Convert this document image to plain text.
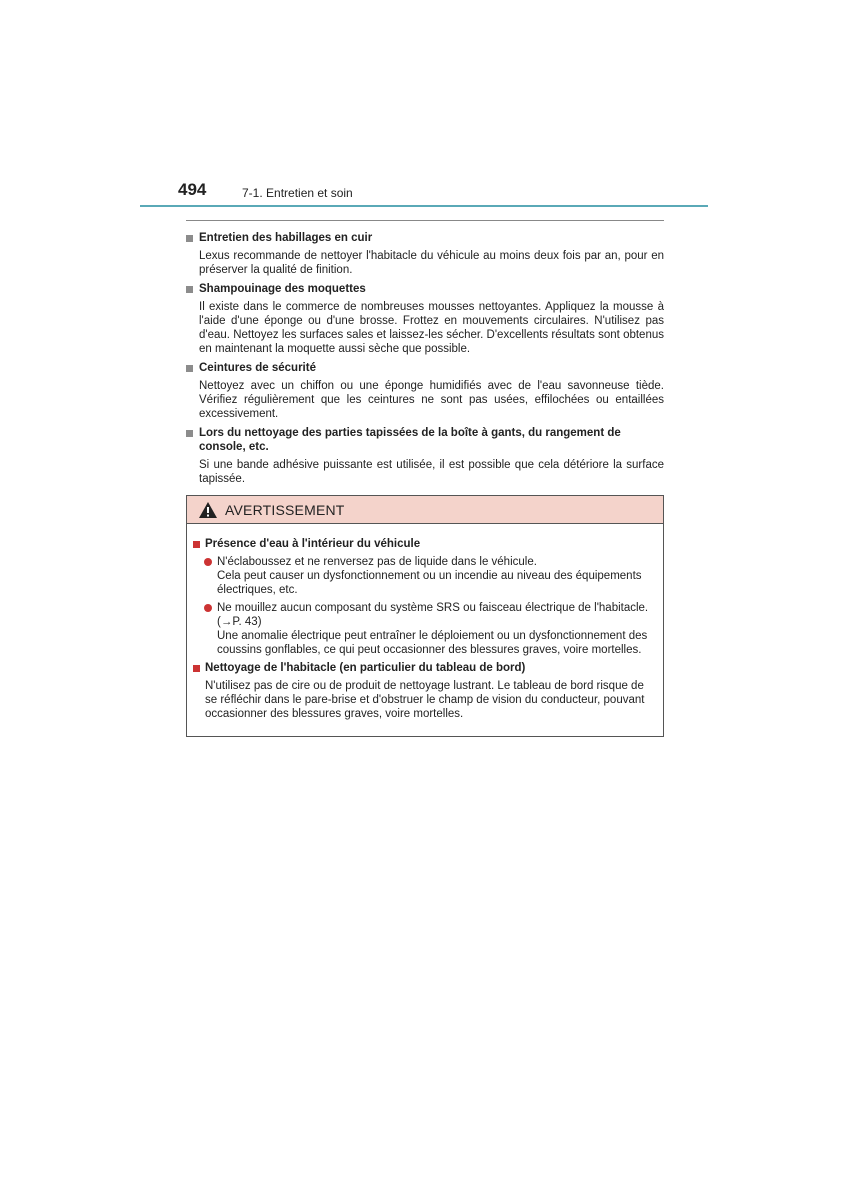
494	7-1. Entretien et soin
Entretien des habillages en cuir
Lexus recommande de nettoyer l'habitacle du véhicule au moins deux fois par an, pour en préserver la qualité de finition.
Shampouinage des moquettes
Il existe dans le commerce de nombreuses mousses nettoyantes. Appliquez la mousse à l'aide d'une éponge ou d'une brosse. Frottez en mouvements circulaires. N'utilisez pas d'eau. Nettoyez les surfaces sales et laissez-les sécher. D'excellents résultats sont obtenus en maintenant la moquette aussi sèche que possible.
Ceintures de sécurité
Nettoyez avec un chiffon ou une éponge humidifiés avec de l'eau savonneuse tiède. Vérifiez régulièrement que les ceintures ne sont pas usées, effilochées ou entaillées excessivement.
Lors du nettoyage des parties tapissées de la boîte à gants, du rangement de console, etc.
Si une bande adhésive puissante est utilisée, il est possible que cela détériore la surface tapissée.
AVERTISSEMENT
Présence d'eau à l'intérieur du véhicule
N'éclaboussez et ne renversez pas de liquide dans le véhicule.
Cela peut causer un dysfonctionnement ou un incendie au niveau des équipements électriques, etc.
Ne mouillez aucun composant du système SRS ou faisceau électrique de l'habitacle. (→P. 43)
Une anomalie électrique peut entraîner le déploiement ou un dysfonctionnement des coussins gonflables, ce qui peut occasionner des blessures graves, voire mortelles.
Nettoyage de l'habitacle (en particulier du tableau de bord)
N'utilisez pas de cire ou de produit de nettoyage lustrant. Le tableau de bord risque de se réfléchir dans le pare-brise et d'obstruer le champ de vision du conducteur, pouvant occasionner des blessures graves, voire mortelles.
